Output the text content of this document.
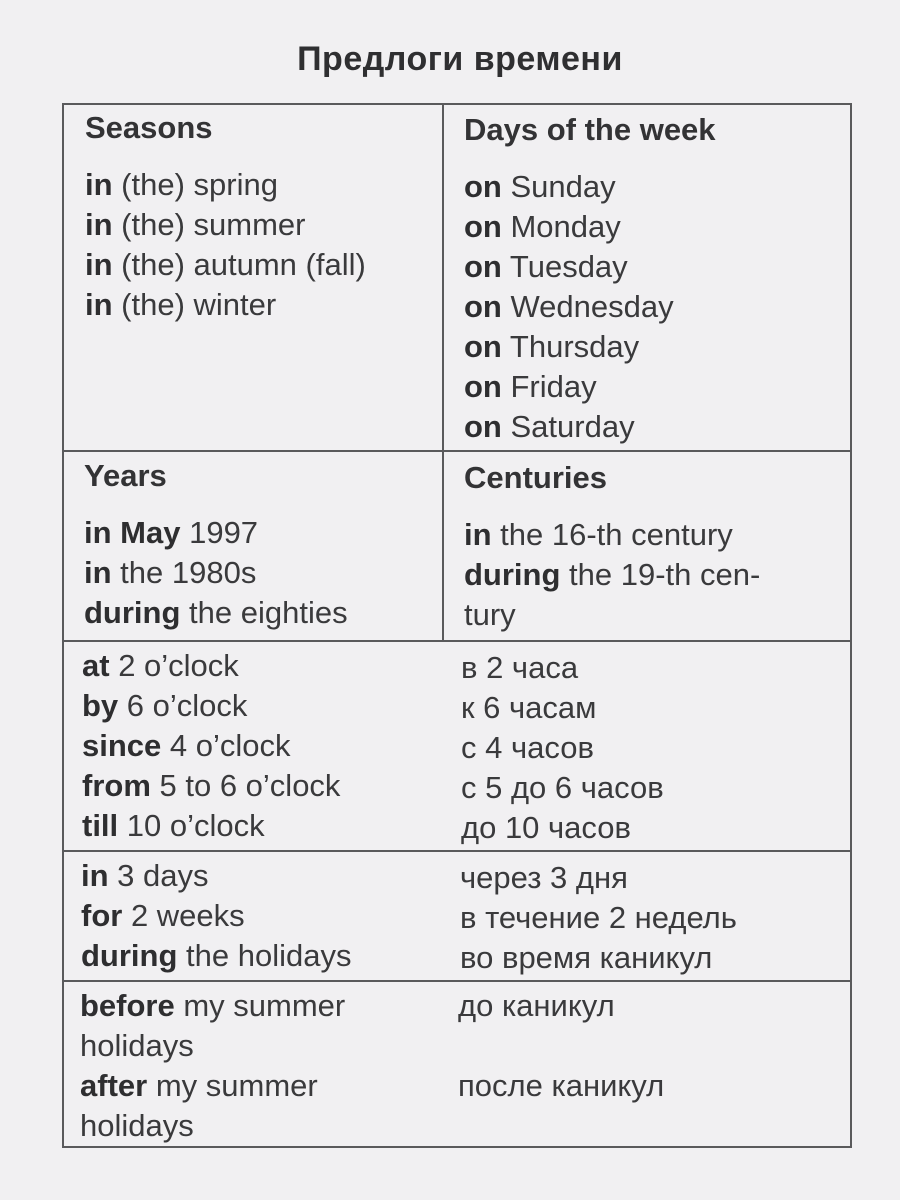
Предлоги времени
Seasons
in (the) spring
in (the) summer
in (the) autumn (fall)
in (the) winter
Days of the week
on Sunday
on Monday
on Tuesday
on Wednesday
on Thursday
on Friday
on Saturday
Years
in May 1997
in the 1980s
during the eighties
Centuries
in the 16-th century
during the 19-th cen-
tury
at 2 o’clock
by 6 o’clock
since 4 o’clock
from 5 to 6 o’clock
till 10 o’clock
в 2 часа
к 6 часам
с 4 часов
с 5 до 6 часов
до 10 часов
in 3 days
for 2 weeks
during the holidays
через 3 дня
в течение 2 недель
во время каникул
before my summer
holidays
after my summer
holidays
до каникул
после каникул
